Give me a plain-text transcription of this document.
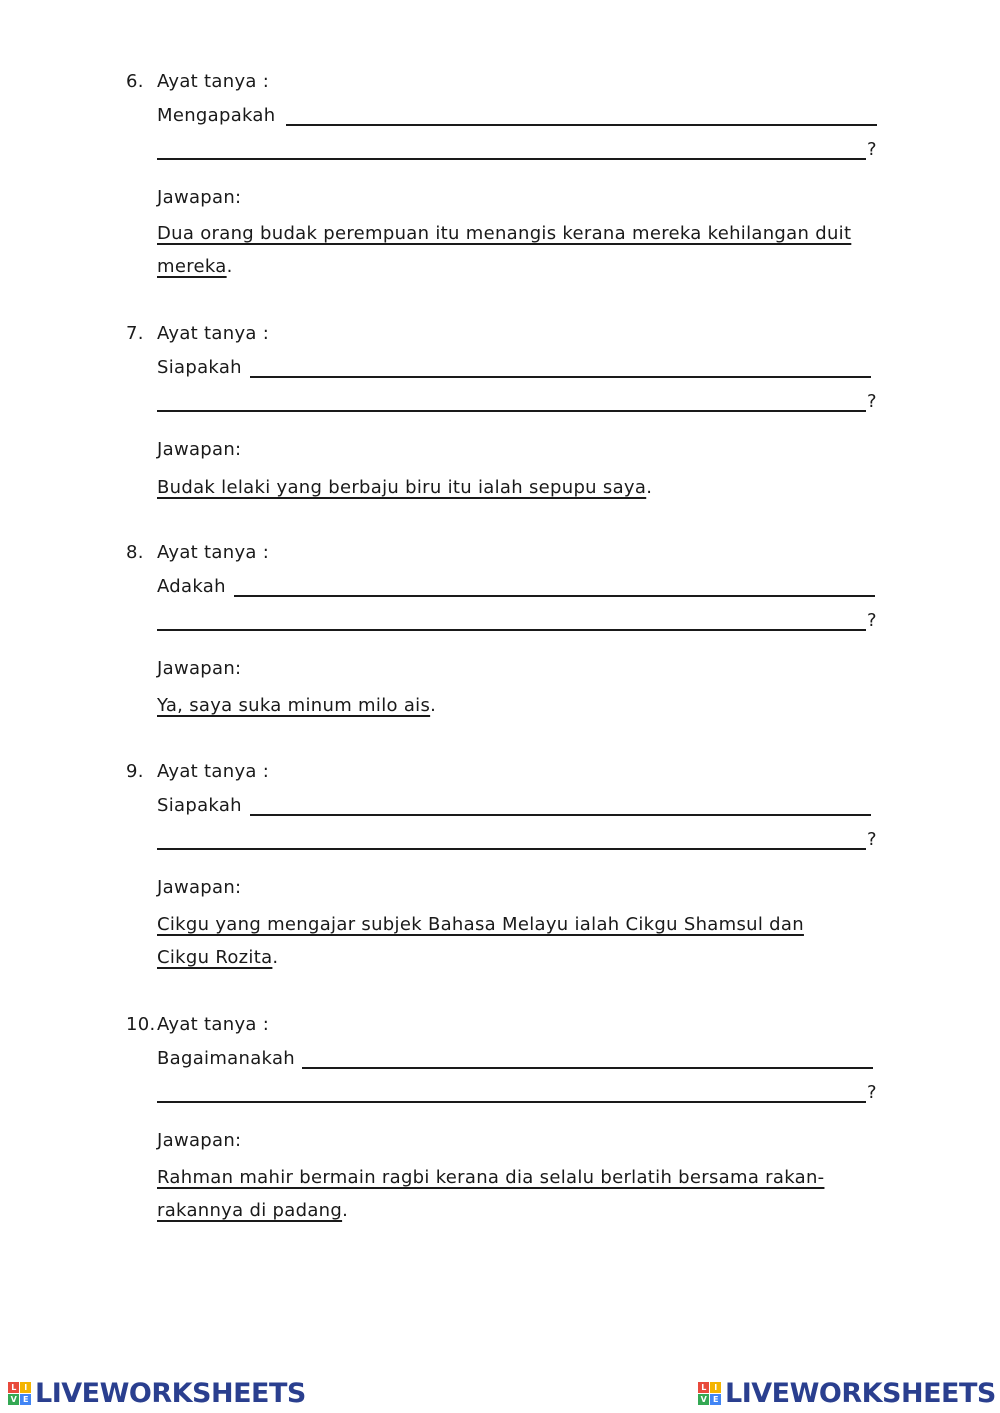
6. Ayat tanya :
Mengapakah
?
Jawapan:
Dua orang budak perempuan itu menangis kerana mereka kehilangan duit mereka.
7. Ayat tanya :
Siapakah
?
Jawapan:
Budak lelaki yang berbaju biru itu ialah sepupu saya.
8. Ayat tanya :
Adakah
?
Jawapan:
Ya, saya suka minum milo ais.
9. Ayat tanya :
Siapakah
?
Jawapan:
Cikgu yang mengajar subjek Bahasa Melayu ialah Cikgu Shamsul dan Cikgu Rozita.
10. Ayat tanya :
Bagaimanakah
?
Jawapan:
Rahman mahir bermain ragbi kerana dia selalu berlatih bersama rakan-rakannya di padang.
L	I
V E LIVEWORKSHEETS	L	I
V E LIVEWORKSHEETS
